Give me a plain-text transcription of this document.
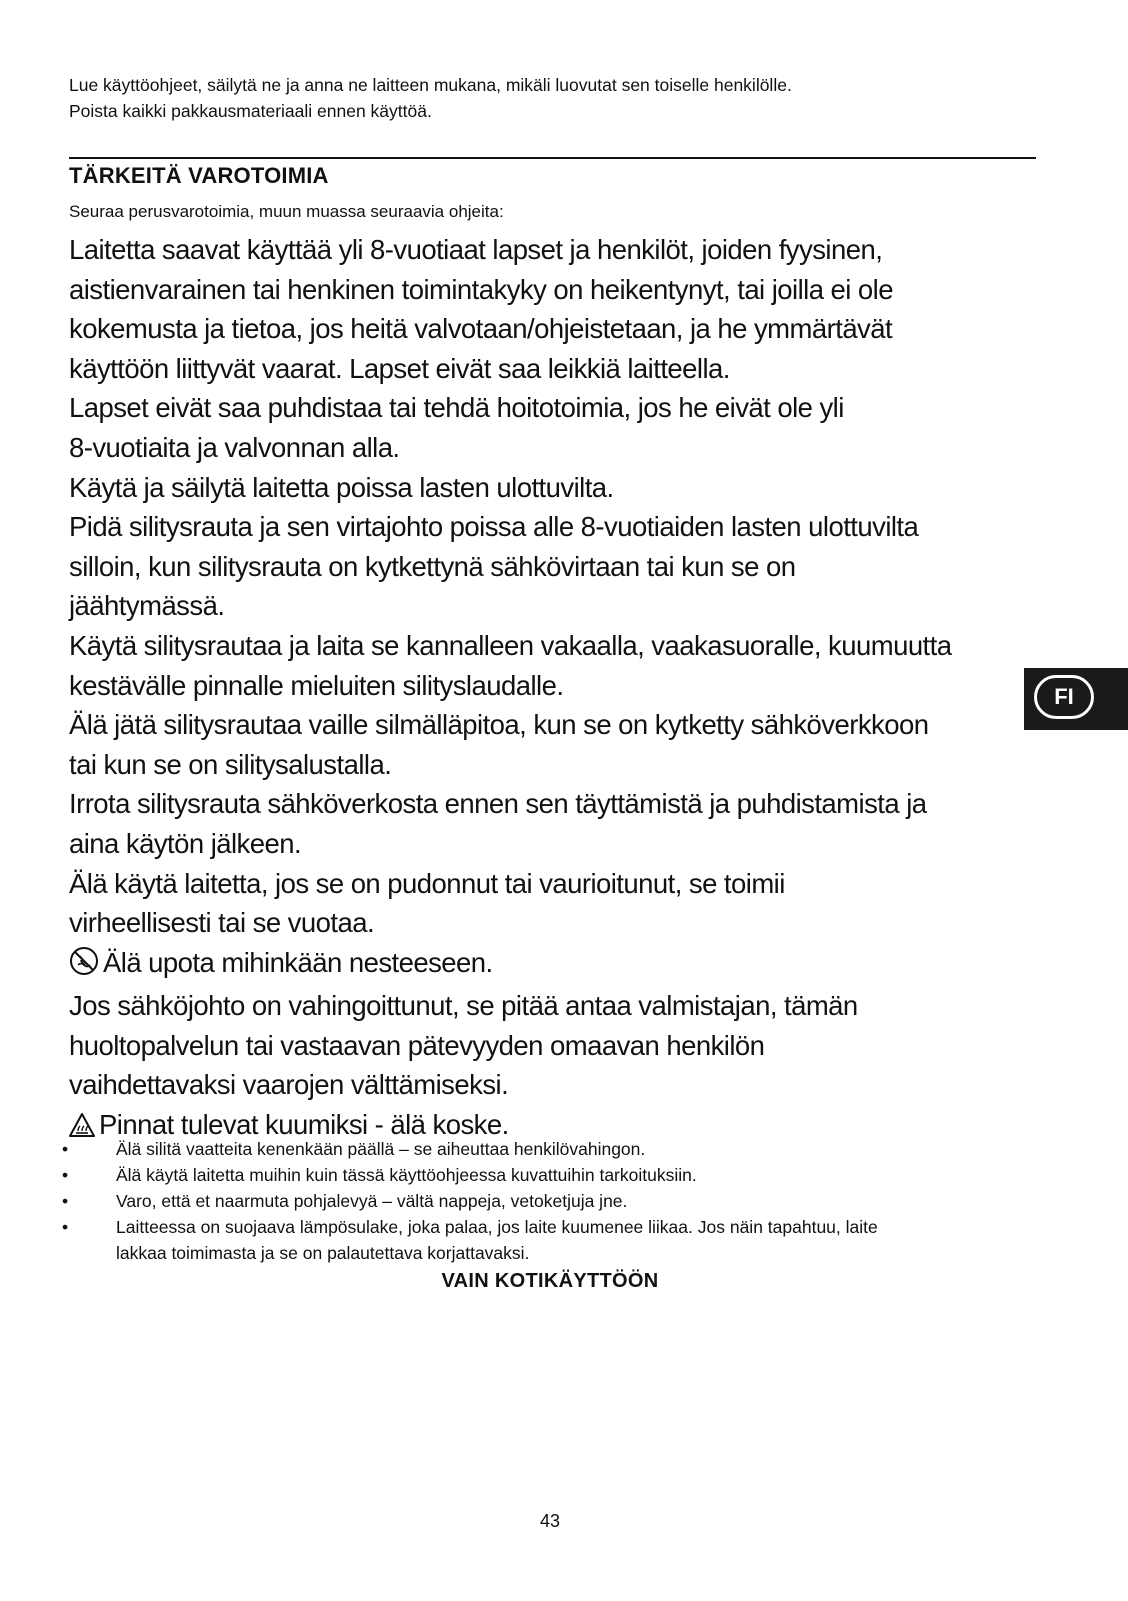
Lue käyttöohjeet, säilytä ne ja anna ne laitteen mukana, mikäli luovutat sen toiselle henkilölle.
Poista kaikki pakkausmateriaali ennen käyttöä.
TÄRKEITÄ VAROTOIMIA
Seuraa perusvarotoimia, muun muassa seuraavia ohjeita:
Laitetta saavat käyttää yli 8-vuotiaat lapset ja henkilöt, joiden fyysinen,
aistienvarainen tai henkinen toimintakyky on heikentynyt, tai joilla ei ole
kokemusta ja tietoa, jos heitä valvotaan/ohjeistetaan, ja he ymmärtävät
käyttöön liittyvät vaarat. Lapset eivät saa leikkiä laitteella.
Lapset eivät saa puhdistaa tai tehdä hoitotoimia, jos he eivät ole yli
8-vuotiaita ja valvonnan alla.
Käytä ja säilytä laitetta poissa lasten ulottuvilta.
Pidä silitysrauta ja sen virtajohto poissa alle 8-vuotiaiden lasten ulottuvilta
silloin, kun silitysrauta on kytkettynä sähkövirtaan tai kun se on
jäähtymässä.
Käytä silitysrautaa ja laita se kannalleen vakaalla, vaakasuoralle, kuumuutta
kestävälle pinnalle mieluiten silityslaudalle.
Älä jätä silitysrautaa vaille silmälläpitoa, kun se on kytketty sähköverkkoon
tai kun se on silitysalustalla.
Irrota silitysrauta sähköverkosta ennen sen täyttämistä ja puhdistamista ja
aina käytön jälkeen.
Älä käytä laitetta, jos se on pudonnut tai vaurioitunut, se toimii
virheellisesti tai se vuotaa.
Älä upota mihinkään nesteeseen.
Jos sähköjohto on vahingoittunut, se pitää antaa valmistajan, tämän
huoltopalvelun tai vastaavan pätevyyden omaavan henkilön
vaihdettavaksi vaarojen välttämiseksi.
Pinnat tulevat kuumiksi - älä koske.
•	Älä silitä vaatteita kenenkään päällä – se aiheuttaa henkilövahingon.
•	Älä käytä laitetta muihin kuin tässä käyttöohjeessa kuvattuihin tarkoituksiin.
•	Varo, että et naarmuta pohjalevyä – vältä nappeja, vetoketjuja jne.
•	Laitteessa on suojaava lämpösulake, joka palaa, jos laite kuumenee liikaa. Jos näin tapahtuu, laite
lakkaa toimimasta ja se on palautettava korjattavaksi.
VAIN KOTIKÄYTTÖÖN
43
FI
